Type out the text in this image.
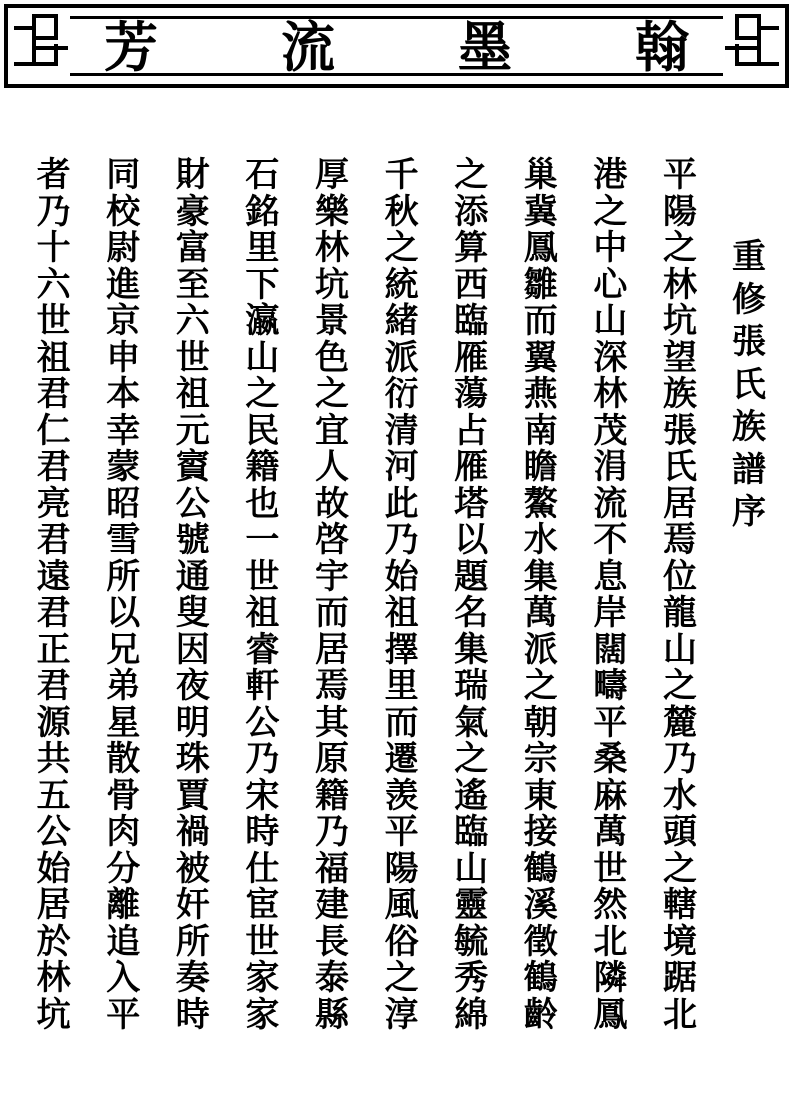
翰
墨
流
芳
重
修
張
氏
族
譜
序
平
陽
之
林
坑
望
族
張
氏
居
焉
位
龍
山
之
麓
乃
水
頭
之
轄
境
踞
北
港
之
中
心
山
深
林
茂
涓
流
不
息
岸
闊
疇
平
桑
麻
萬
世
然
北
隣
鳳
巢
冀
鳳
雛
而
翼
燕
南
瞻
鰲
水
集
萬
派
之
朝
宗
東
接
鶴
溪
徵
鶴
齡
之
添
算
西
臨
雁
蕩
占
雁
塔
以
題
名
集
瑞
氣
之
遙
臨
山
靈
毓
秀
綿
千
秋
之
統
緒
派
衍
清
河
此
乃
始
祖
擇
里
而
遷
羡
平
陽
風
俗
之
淳
厚
樂
林
坑
景
色
之
宜
人
故
啓
宇
而
居
焉
其
原
籍
乃
福
建
長
泰
縣
石
銘
里
下
瀛
山
之
民
籍
也
一
世
祖
睿
軒
公
乃
宋
時
仕
宦
世
家
家
財
豪
富
至
六
世
祖
元
賨
公
號
通
叟
因
夜
明
珠
賈
禍
被
奸
所
奏
時
同
校
尉
進
京
申
本
幸
蒙
昭
雪
所
以
兄
弟
星
散
骨
肉
分
離
追
入
平
者
乃
十
六
世
祖
君
仁
君
亮
君
遠
君
正
君
源
共
五
公
始
居
於
林
坑
